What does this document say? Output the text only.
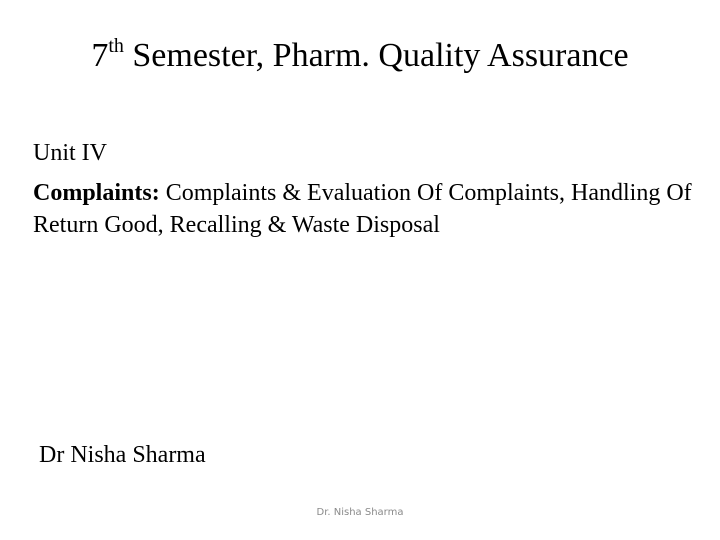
7th Semester, Pharm. Quality Assurance

Unit IV

Complaints: Complaints & Evaluation Of Complaints, Handling Of Return Good, Recalling & Waste Disposal

Dr Nisha Sharma

Dr. Nisha Sharma
